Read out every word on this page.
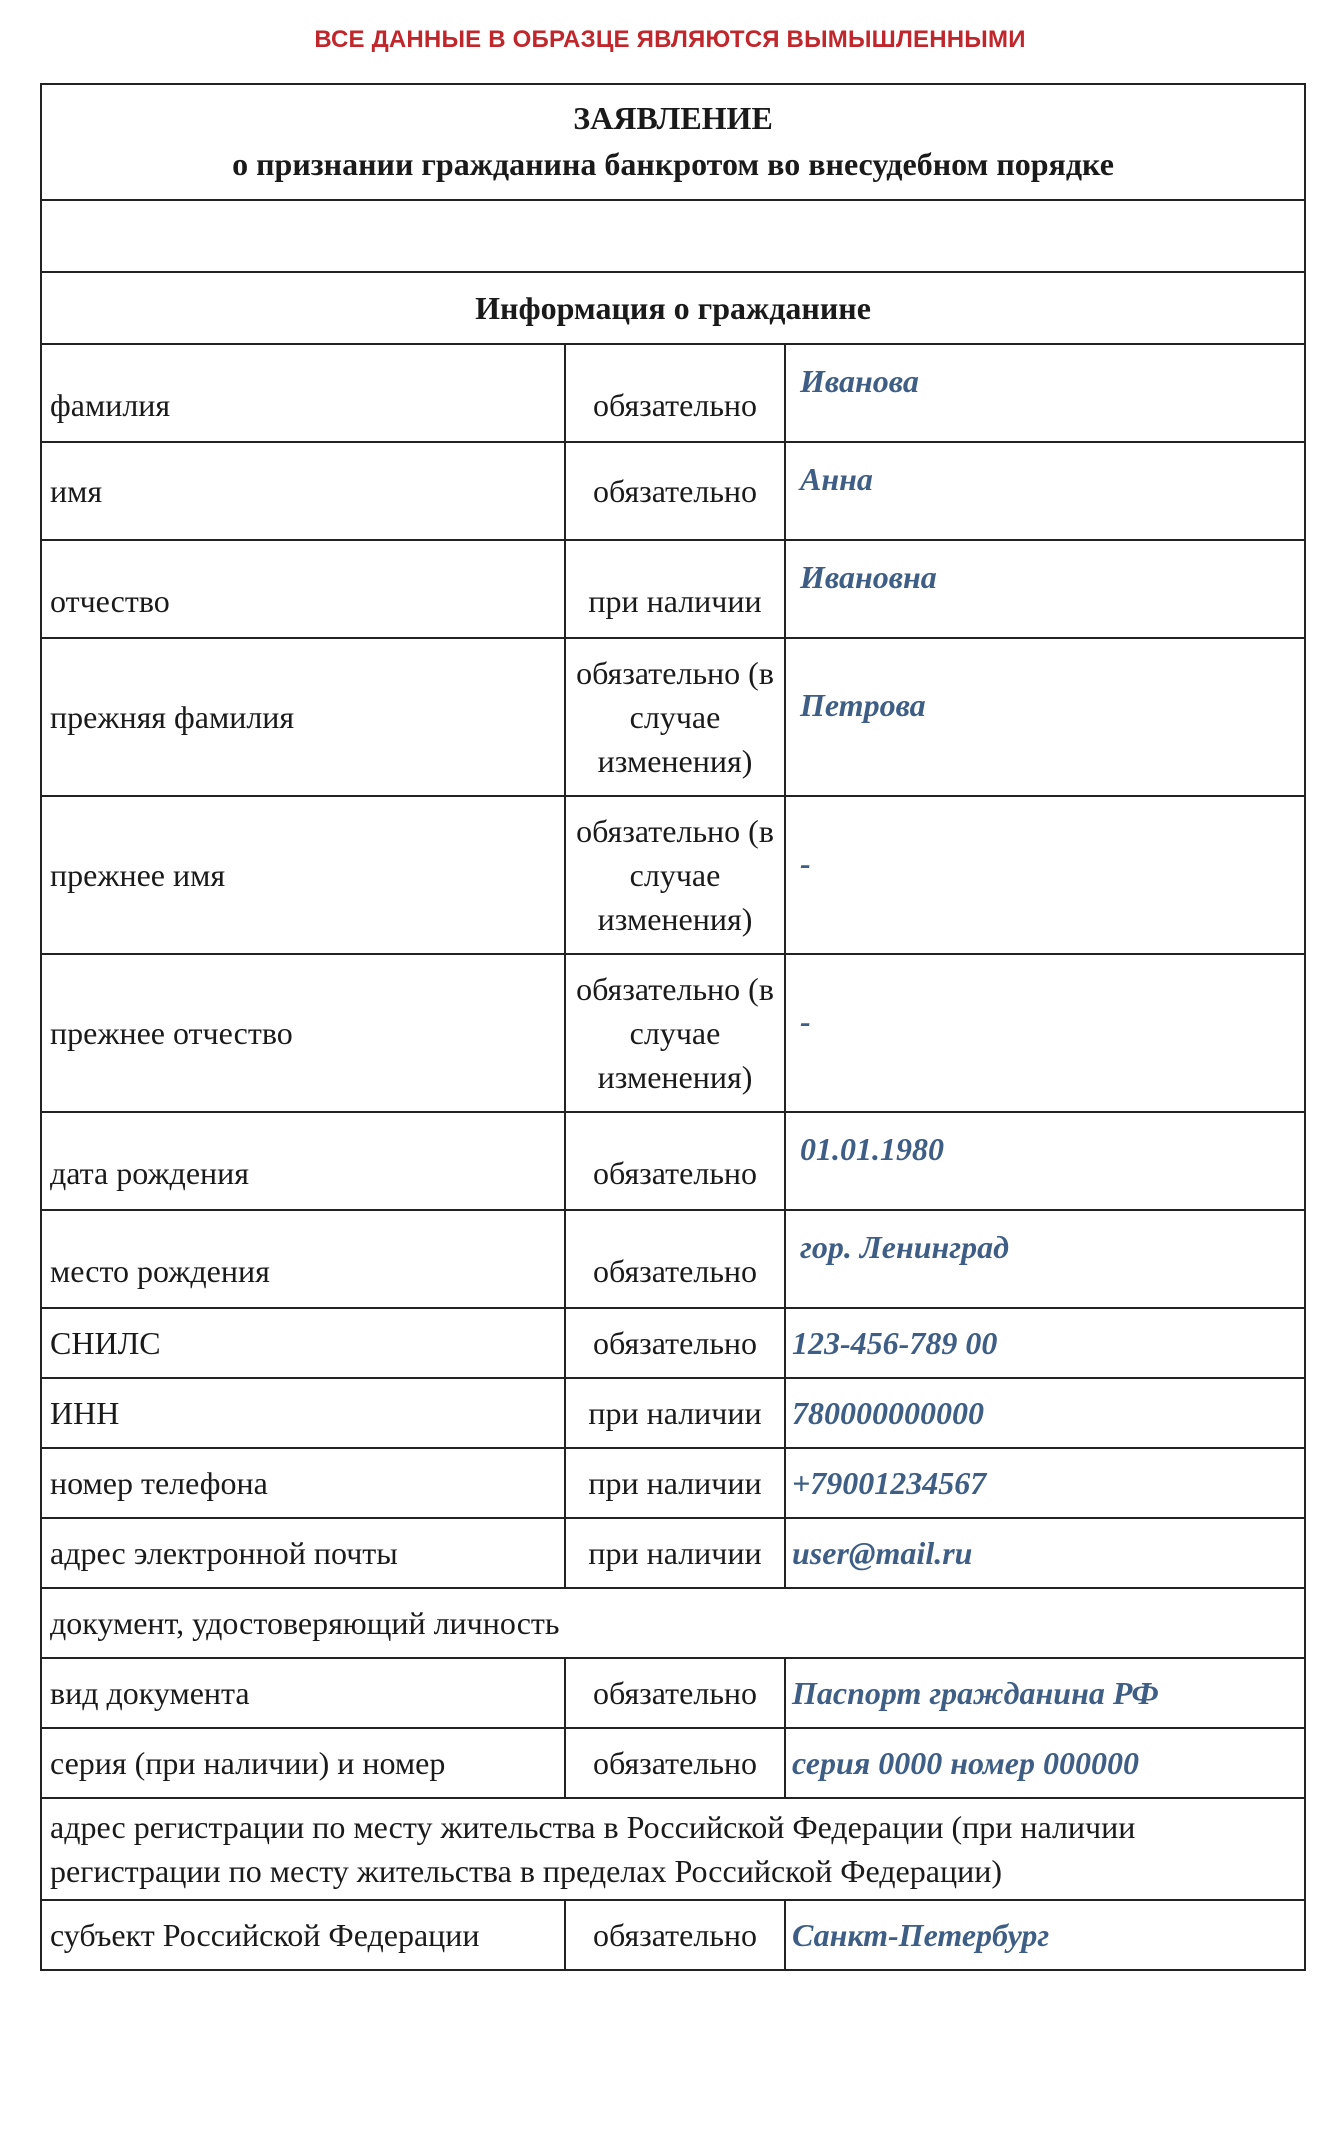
ВСЕ ДАННЫЕ В ОБРАЗЦЕ ЯВЛЯЮТСЯ ВЫМЫШЛЕННЫМИ
ЗАЯВЛЕНИЕ
о признании гражданина банкротом во внесудебном порядке		

Информация о гражданине		
фамилия	обязательно	Иванова
имя	обязательно	Анна
отчество	при наличии	Ивановна
прежняя фамилия	обязательно (в случае изменения)	Петрова
прежнее имя	обязательно (в случае изменения)	-
прежнее отчество	обязательно (в случае изменения)	-
дата рождения	обязательно	01.01.1980
место рождения	обязательно	гор. Ленинград
СНИЛС	обязательно	123-456-789 00
ИНН	при наличии	780000000000
номер телефона	при наличии	+79001234567
адрес электронной почты	при наличии	user@mail.ru
документ, удостоверяющий личность		
вид документа	обязательно	Паспорт гражданина РФ
серия (при наличии) и номер	обязательно	серия 0000 номер 000000
адрес регистрации по месту жительства в Российской Федерации (при наличии регистрации по месту жительства в пределах Российской Федерации)		
субъект Российской Федерации	обязательно	Санкт-Петербург
